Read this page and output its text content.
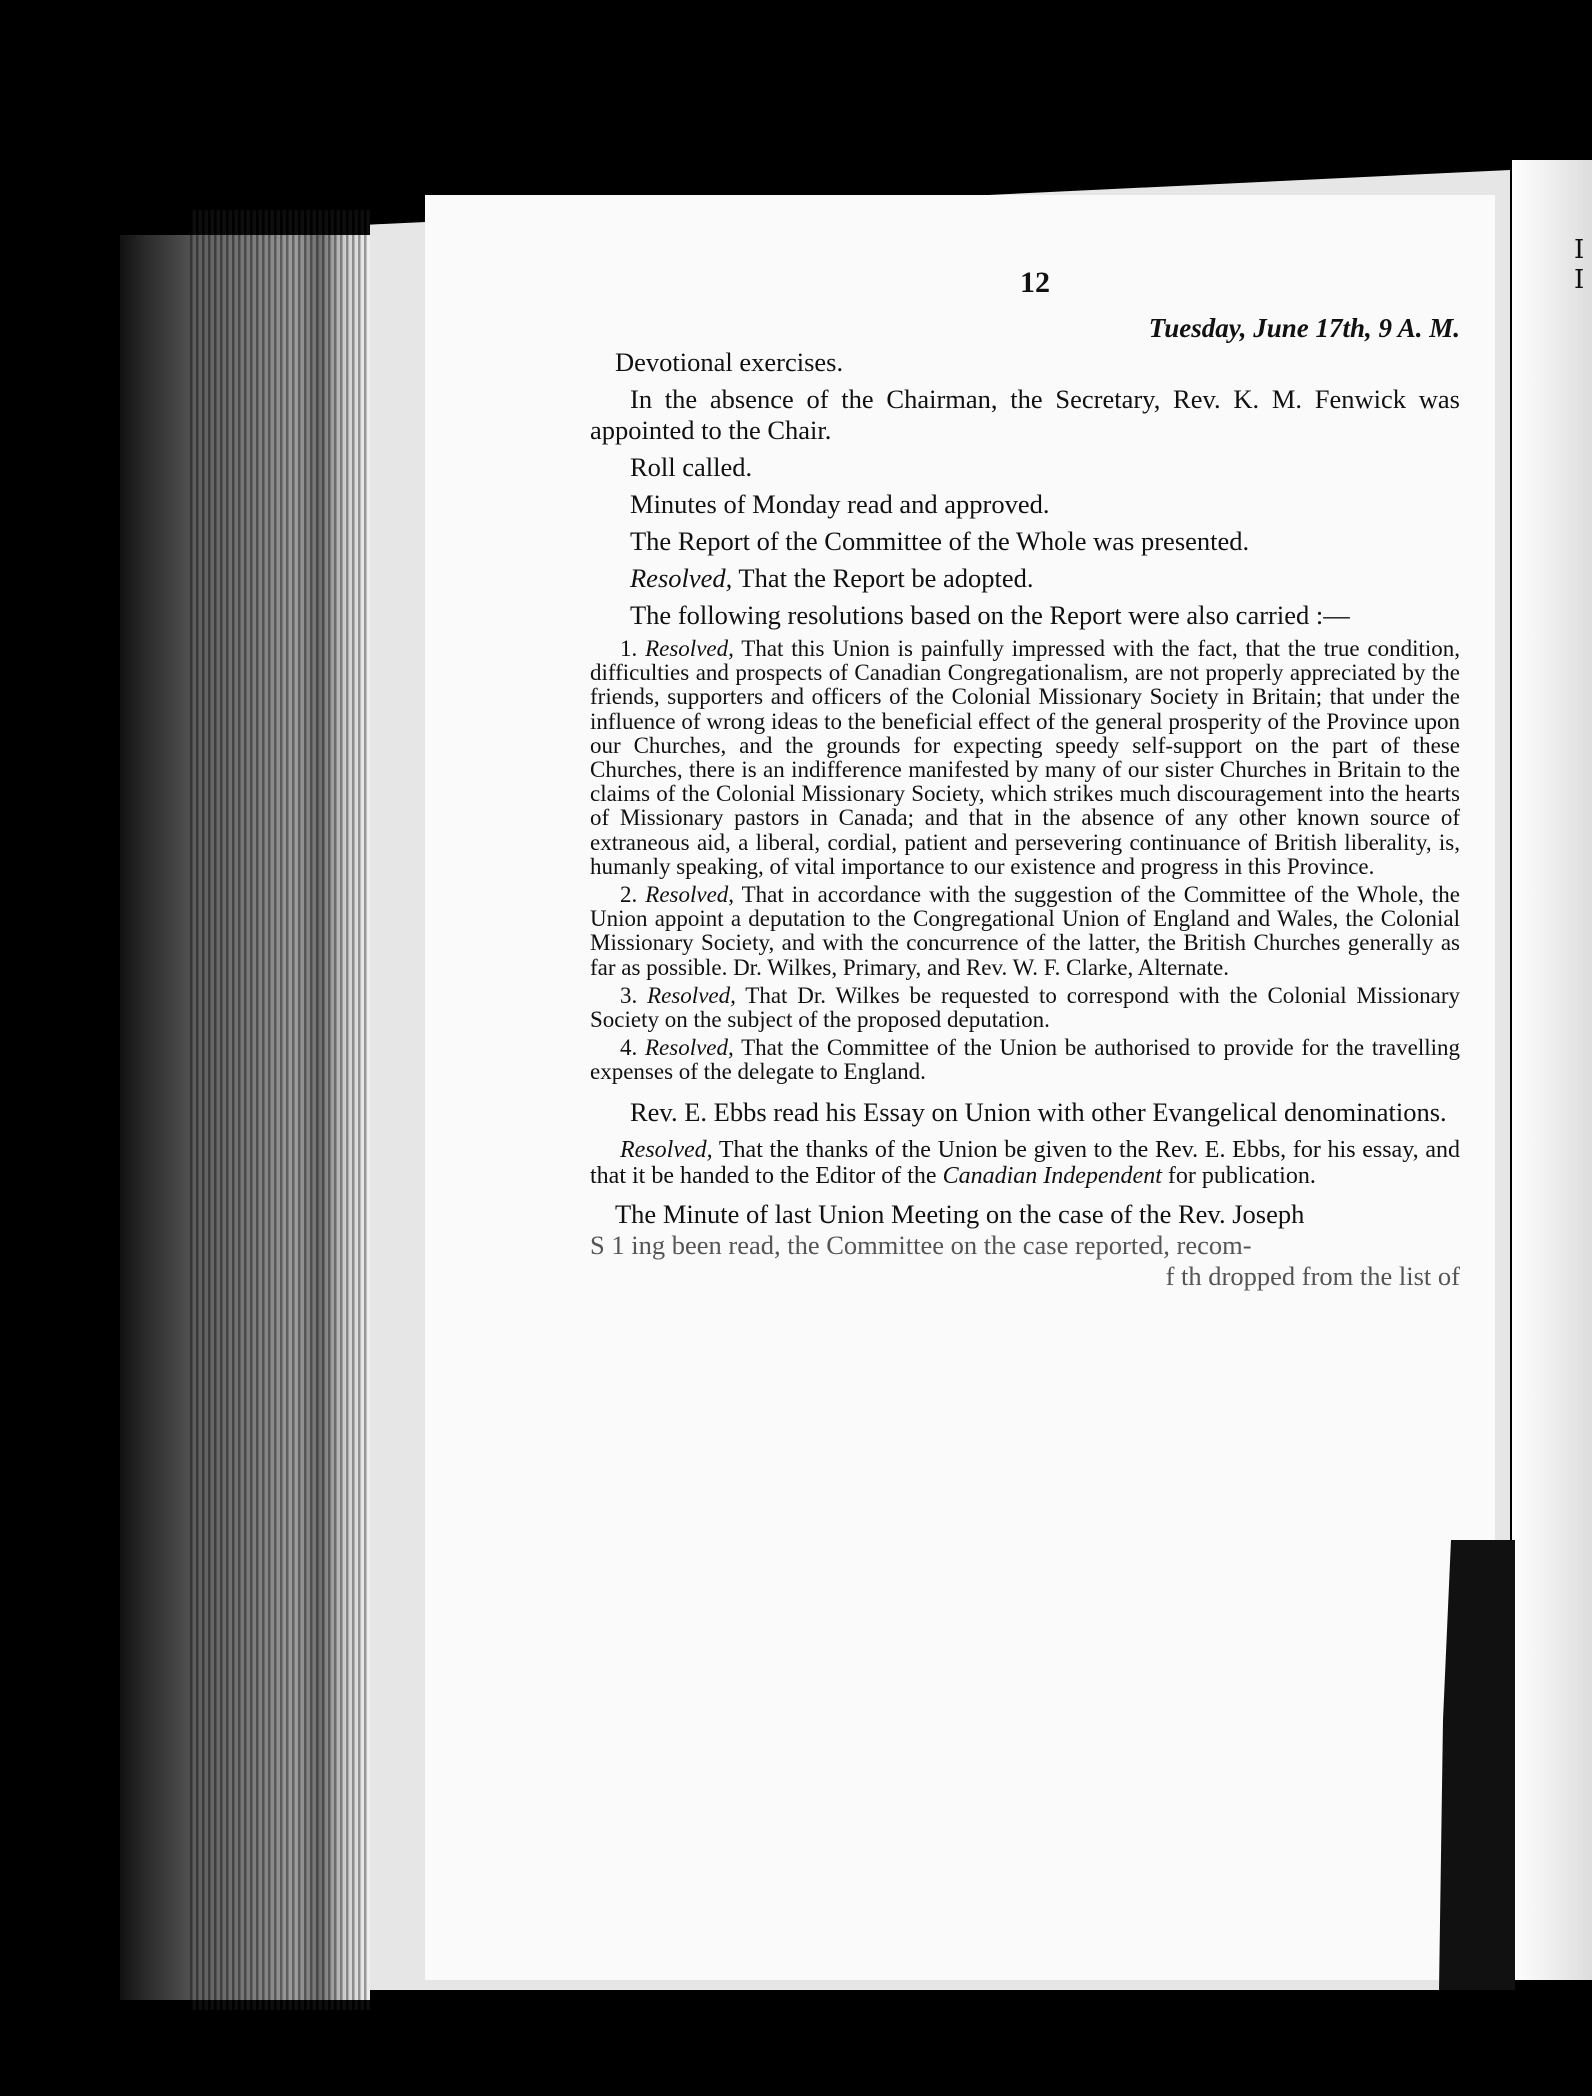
I
I
12
Tuesday, June 17th, 9 A. M.

Devotional exercises.

In the absence of the Chairman, the Secretary, Rev. K. M. Fenwick was appointed to the Chair.

Roll called.

Minutes of Monday read and approved.

The Report of the Committee of the Whole was presented.

Resolved, That the Report be adopted.

The following resolutions based on the Report were also carried :—

1. Resolved, That this Union is painfully impressed with the fact, that the true condition, difficulties and prospects of Canadian Congregationalism, are not properly appreciated by the friends, supporters and officers of the Colonial Missionary Society in Britain; that under the influence of wrong ideas to the beneficial effect of the general prosperity of the Province upon our Churches, and the grounds for expecting speedy self-support on the part of these Churches, there is an indifference manifested by many of our sister Churches in Britain to the claims of the Colonial Missionary Society, which strikes much discouragement into the hearts of Missionary pastors in Canada; and that in the absence of any other known source of extraneous aid, a liberal, cordial, patient and persevering continuance of British liberality, is, humanly speaking, of vital importance to our existence and progress in this Province.

2. Resolved, That in accordance with the suggestion of the Committee of the Whole, the Union appoint a deputation to the Congregational Union of England and Wales, the Colonial Missionary Society, and with the concurrence of the latter, the British Churches generally as far as possible. Dr. Wilkes, Primary, and Rev. W. F. Clarke, Alternate.

3. Resolved, That Dr. Wilkes be requested to correspond with the Colonial Missionary Society on the subject of the proposed deputation.

4. Resolved, That the Committee of the Union be authorised to provide for the travelling expenses of the delegate to England.

Rev. E. Ebbs read his Essay on Union with other Evangelical denominations.

Resolved, That the thanks of the Union be given to the Rev. E. Ebbs, for his essay, and that it be handed to the Editor of the Canadian Independent for publication.

The Minute of last Union Meeting on the case of the Rev. Joseph

S 1 ing been read, the Committee on the case reported, recom-

f th dropped from the list of
